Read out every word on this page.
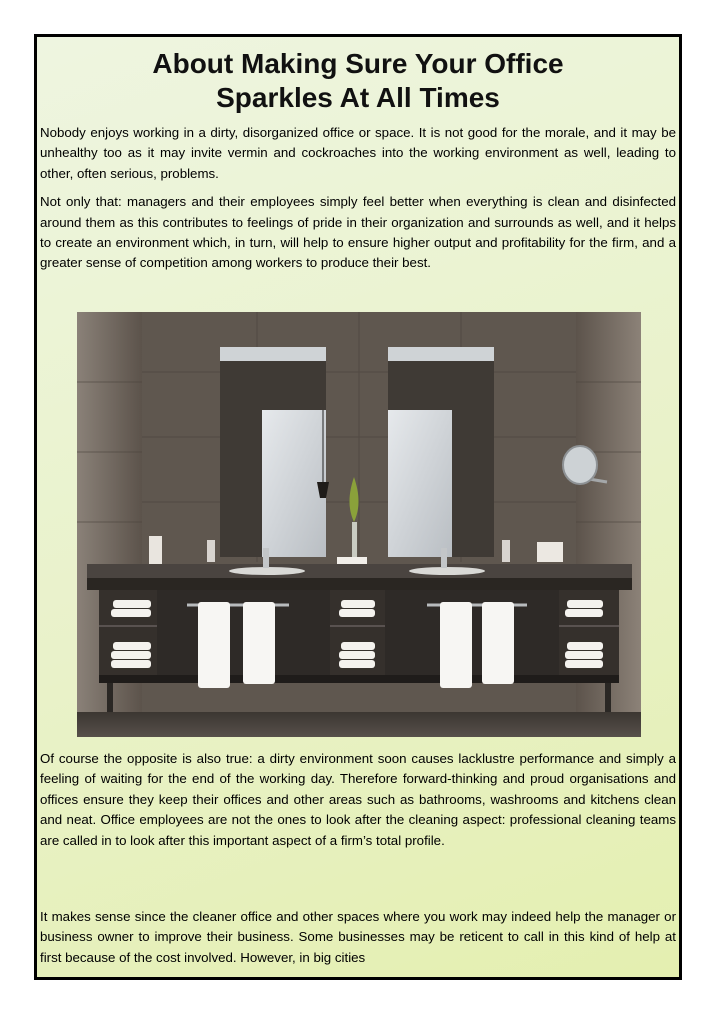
About Making Sure Your Office
Sparkles At All Times

Nobody enjoys working in a dirty, disorganized office or space. It is not good for the morale, and it may be unhealthy too as it may invite vermin and cockroaches into the working environment as well, leading to other, often serious, problems.

Not only that: managers and their employees simply feel better when everything is clean and disinfected around them as this contributes to feelings of pride in their organization and surrounds as well, and it helps to create an environment which, in turn, will help to ensure higher output and profitability for the firm, and a greater sense of competition among workers to produce their best.

Of course the opposite is also true: a dirty environment soon causes lacklustre performance and simply a feeling of waiting for the end of the working day. Therefore forward-thinking and proud organisations and offices ensure they keep their offices and other areas such as bathrooms, washrooms and kitchens clean and neat. Office employees are not the ones to look after the cleaning aspect: professional cleaning teams are called in to look after this important aspect of a firm’s total profile.

It makes sense since the cleaner office and other spaces where you work may indeed help the manager or business owner to improve their business. Some businesses may be reticent to call in this kind of help at first because of the cost involved. However, in big cities
